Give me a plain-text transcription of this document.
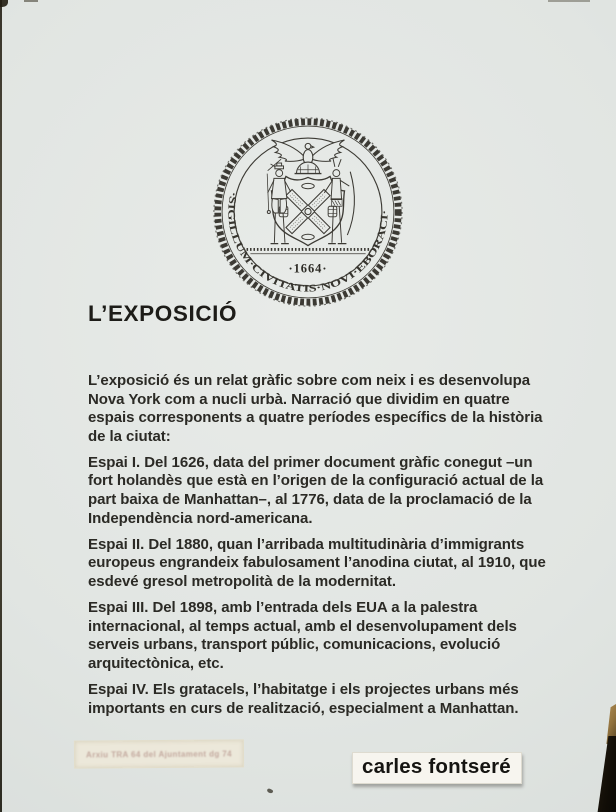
·SIGILLUM·CIVITATIS·NOVI·EBORACI·
·1664·
L’EXPOSICIÓ

L’exposició és un relat gràfic sobre com neix i es desenvolupa Nova York com a nucli urbà. Narració que dividim en quatre espais corresponents a quatre períodes específics de la història de la ciutat:

Espai I. Del 1626, data del primer document gràfic conegut –un fort holandès que està en l’origen de la configuració actual de la part baixa de Manhattan–, al 1776, data de la proclamació de la Independència nord-americana.

Espai II. Del 1880, quan l’arribada multitudinària d’immigrants europeus engrandeix fabulosament l’anodina ciutat, al 1910, que esdevé gresol metropolità de la modernitat.

Espai III. Del 1898, amb l’entrada dels EUA a la palestra internacional, al temps actual, amb el desenvolupament dels serveis urbans, transport públic, comunicacions, evolució arquitectònica, etc.

Espai IV. Els gratacels, l’habitatge i els projectes urbans més importants en curs de realització, especialment a Manhattan.

Arxiu TRA 64 del Ajuntament dg 74
carles fontseré
